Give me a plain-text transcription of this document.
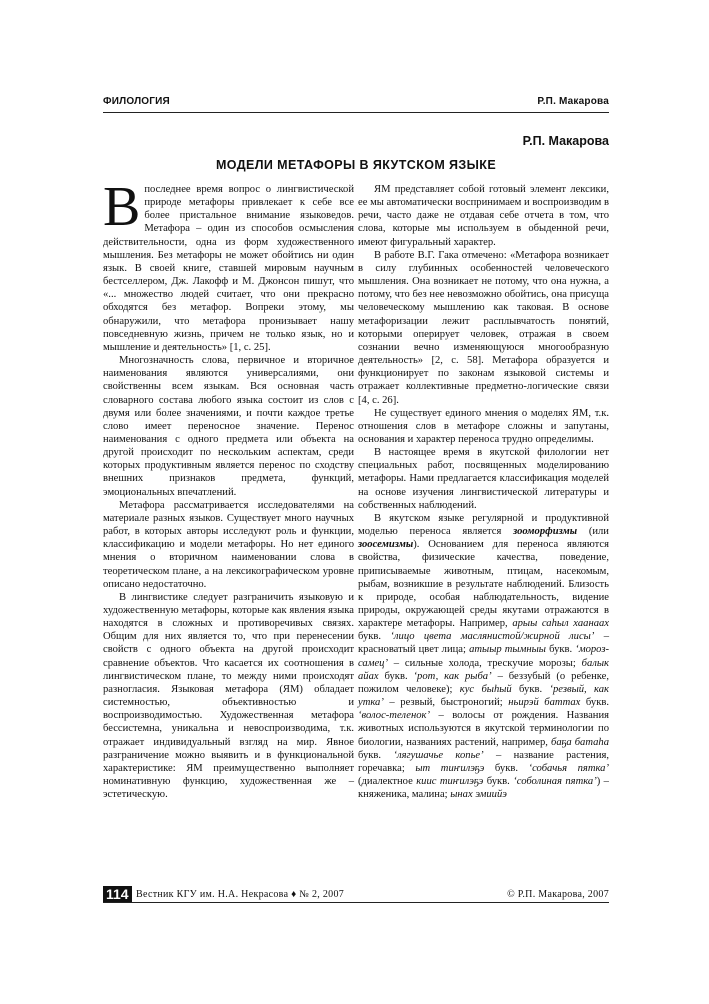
ФИЛОЛОГИЯ	Р.П. Макарова
Р.П. Макарова
МОДЕЛИ МЕТАФОРЫ В ЯКУТСКОМ ЯЗЫКЕ

Впоследнее время вопрос о лингвистической природе метафоры привлекает к себе все более пристальное внимание языковедов. Метафора – один из способов осмысления действительности, одна из форм художественного мышления. Без метафоры не может обойтись ни один язык. В своей книге, ставшей мировым научным бестселлером, Дж. Лакофф и М. Джонсон пишут, что «... множество людей считает, что они прекрасно обходятся без метафор. Вопреки этому, мы обнаружили, что метафора пронизывает нашу повседневную жизнь, причем не только язык, но и мышление и деятельность» [1, с. 25].

Многозначность слова, первичное и вторичное наименования являются универсалиями, они свойственны всем языкам. Вся основная часть словарного состава любого языка состоит из слов с двумя или более значениями, и почти каждое третье слово имеет переносное значение. Перенос наименования с одного предмета или объекта на другой происходит по нескольким аспектам, среди которых продуктивным является перенос по сходству внешних признаков предмета, функций, эмоциональных впечатлений.

Метафора рассматривается исследователями на материале разных языков. Существует много научных работ, в которых авторы исследуют роль и функции, классификацию и модели метафоры. Но нет единого мнения о вторичном наименовании слова в теоретическом плане, а на лексикографическом уровне описано недостаточно.

В лингвистике следует разграничить языковую и художественную метафоры, которые как явления языка находятся в сложных и противоречивых связях. Общим для них является то, что при перенесении свойств с одного объекта на другой происходит сравнение объектов. Что касается их соотношения в лингвистическом плане, то между ними происходят разногласия. Языковая метафора (ЯМ) обладает системностью, объективностью и воспроизводимостью. Художественная метафора бессистемна, уникальна и невоспроизводима, т.к. отражает индивидуальный взгляд на мир. Явное разграничение можно выявить и в функциональной характеристике: ЯМ преимущественно выполняет номинативную функцию, художественная же – эстетическую.

ЯМ представляет собой готовый элемент лексики, ее мы автоматически воспринимаем и воспроизводим в речи, часто даже не отдавая себе отчета в том, что слова, которые мы используем в обыденной речи, имеют фигуральный характер.

В работе В.Г. Гака отмечено: «Метафора возникает в силу глубинных особенностей человеческого мышления. Она возникает не потому, что она нужна, а потому, что без нее невозможно обойтись, она присуща человеческому мышлению как таковая. В основе метафоризации лежит расплывчатость понятий, которыми оперирует человек, отражая в своем сознании вечно изменяющуюся многообразную деятельность» [2, с. 58]. Метафора образуется и функционирует по законам языковой системы и отражает коллективные предметно-логические связи [4, с. 26].

Не существует единого мнения о моделях ЯМ, т.к. отношения слов в метафоре сложны и запутаны, основания и характер переноса трудно определимы.

В настоящее время в якутской филологии нет специальных работ, посвященных моделированию метафоры. Нами предлагается классификация моделей на основе изучения лингвистической литературы и собственных наблюдений.

В якутском языке регулярной и продуктивной моделью переноса является зооморфизмы (или зоосемизмы). Основанием для переноса являются свойства, физические качества, поведение, приписываемые животным, птицам, насекомым, рыбам, возникшие в результате наблюдений. Близость к природе, особая наблюдательность, видение природы, окружающей среды якутами отражаются в характере метафоры. Например, арыы саһыл хаанаах букв. ‘лицо цвета маслянистой/жирной лисы’ – красноватый цвет лица; атыыр тымныы букв. ‘мороз-самец’ – сильные холода, трескучие морозы; балык айах букв. ‘рот, как рыба’ – беззубый (о ребенке, пожилом человеке); кус быһый букв. ‘резвый, как утка’ – резвый, быстроногий; ньирэй баттах букв. ‘волос-теленок’ – волосы от рождения. Названия животных используются в якутской терминологии по биологии, названиях растений, например, баҕа батаһа букв. ‘лягушачье копье’ – название растения, горечавка; ыт тиҥилэҕэ букв. ‘собачья пятка’ (диалектное киис тиҥилэҕэ букв. ‘соболиная пятка’) – княженика, малина; ынах эмиийэ

114 Вестник КГУ им. Н.А. Некрасова ♦ № 2, 2007	© Р.П. Макарова, 2007
